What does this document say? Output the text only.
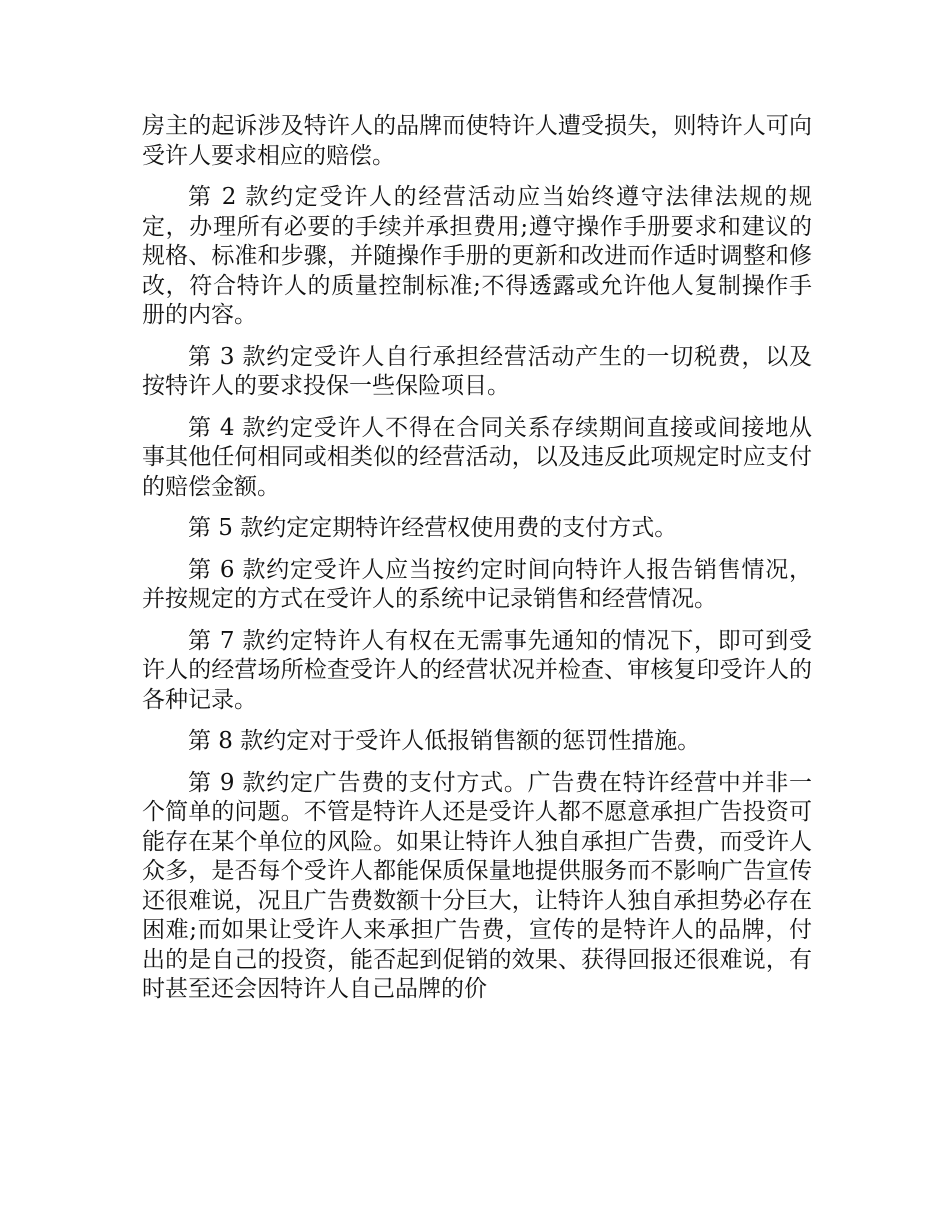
房主的起诉涉及特许人的品牌而使特许人遭受损失，则特许人可向受许人要求相应的赔偿。

第 2 款约定受许人的经营活动应当始终遵守法律法规的规定，办理所有必要的手续并承担费用;遵守操作手册要求和建议的规格、标准和步骤，并随操作手册的更新和改进而作适时调整和修改，符合特许人的质量控制标准;不得透露或允许他人复制操作手册的内容。

第 3 款约定受许人自行承担经营活动产生的一切税费，以及按特许人的要求投保一些保险项目。

第 4 款约定受许人不得在合同关系存续期间直接或间接地从事其他任何相同或相类似的经营活动，以及违反此项规定时应支付的赔偿金额。

第 5 款约定定期特许经营权使用费的支付方式。

第 6 款约定受许人应当按约定时间向特许人报告销售情况，并按规定的方式在受许人的系统中记录销售和经营情况。

第 7 款约定特许人有权在无需事先通知的情况下，即可到受许人的经营场所检查受许人的经营状况并检查、审核复印受许人的各种记录。

第 8 款约定对于受许人低报销售额的惩罚性措施。

第 9 款约定广告费的支付方式。广告费在特许经营中并非一个简单的问题。不管是特许人还是受许人都不愿意承担广告投资可能存在某个单位的风险。如果让特许人独自承担广告费，而受许人众多，是否每个受许人都能保质保量地提供服务而不影响广告宣传还很难说，况且广告费数额十分巨大，让特许人独自承担势必存在困难;而如果让受许人来承担广告费，宣传的是特许人的品牌，付出的是自己的投资，能否起到促销的效果、获得回报还很难说，有时甚至还会因特许人自己品牌的价
